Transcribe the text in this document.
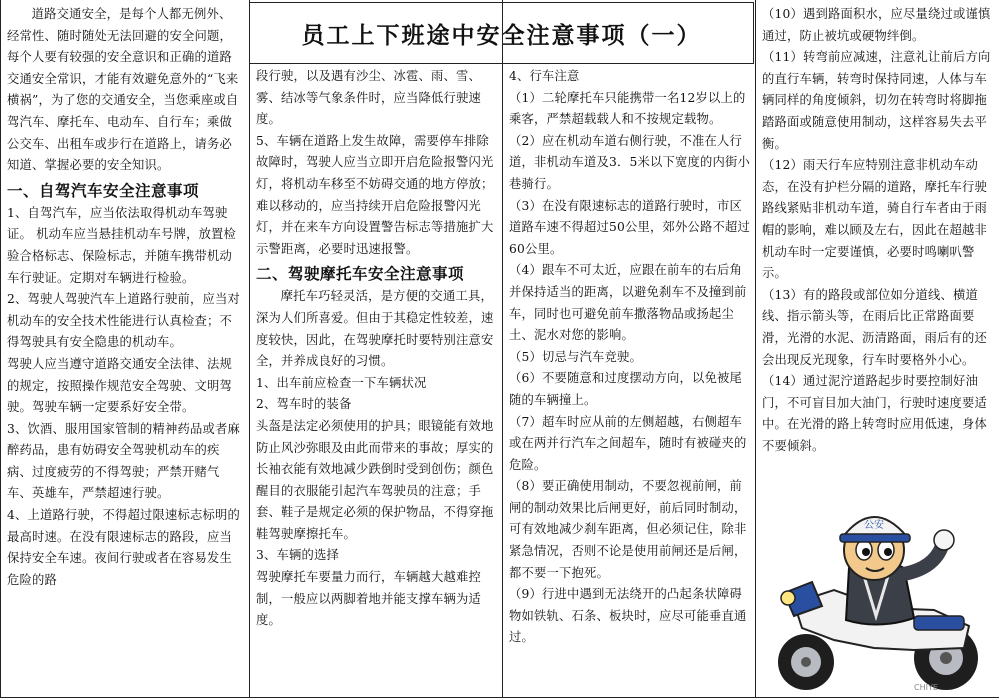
员工上下班途中安全注意事项（一）

道路交通安全，是每个人都无例外、经常性、随时随处无法回避的安全问题，每个人要有较强的安全意识和正确的道路交通安全常识，才能有效避免意外的“飞来横祸”，为了您的交通安全，当您乘座或自驾汽车、摩托车、电动车、自行车；乘做公交车、出租车或步行在道路上，请务必知道、掌握必要的安全知识。

一、自驾汽车安全注意事项

1、自驾汽车，应当依法取得机动车驾驶证。 机动车应当悬挂机动车号牌，放置检验合格标志、保险标志，并随车携带机动车行驶证。定期对车辆进行检验。

2、驾驶人驾驶汽车上道路行驶前，应当对机动车的安全技术性能进行认真检查；不得驾驶具有安全隐患的机动车。

驾驶人应当遵守道路交通安全法律、法规的规定，按照操作规范安全驾驶、文明驾驶。驾驶车辆一定要系好安全带。

3、饮酒、服用国家管制的精神药品或者麻醉药品，患有妨碍安全驾驶机动车的疾病、过度疲劳的不得驾驶；严禁开赌气车、英雄车，严禁超速行驶。

4、上道路行驶，不得超过限速标志标明的最高时速。在没有限速标志的路段，应当保持安全车速。夜间行驶或者在容易发生危险的路

段行驶，以及遇有沙尘、冰雹、雨、雪、雾、结冰等气象条件时，应当降低行驶速度。

5、车辆在道路上发生故障，需要停车排除故障时，驾驶人应当立即开启危险报警闪光灯，将机动车移至不妨碍交通的地方停放；难以移动的，应当持续开启危险报警闪光灯，并在来车方向设置警告标志等措施扩大示警距离，必要时迅速报警。

二、驾驶摩托车安全注意事项

摩托车巧轻灵活，是方便的交通工具，深为人们所喜爱。但由于其稳定性较差，速度较快，因此，在驾驶摩托时要特别注意安全，并养成良好的习惯。

1、出车前应检查一下车辆状况

2、驾车时的装备

头盔是法定必须使用的护具；眼镜能有效地防止风沙弥眼及由此而带来的事故；厚实的长袖衣能有效地减少跌倒时受到创伤；颜色醒目的衣服能引起汽车驾驶员的注意；手套、鞋子是规定必须的保护物品，不得穿拖鞋驾驶摩擦托车。

3、车辆的选择

驾驶摩托车要量力而行，车辆越大越难控制，一般应以两脚着地并能支撑车辆为适度。

4、行车注意

（1）二轮摩托车只能携带一名12岁以上的乘客，严禁超载载人和不按规定载物。

（2）应在机动车道右侧行驶，不准在人行道，非机动车道及3．5米以下宽度的内街小巷骑行。

（3）在没有限速标志的道路行驶时，市区道路车速不得超过50公里，郊外公路不超过60公里。

（4）跟车不可太近，应跟在前车的右后角并保持适当的距离，以避免刹车不及撞到前车，同时也可避免前车撒落物品或扬起尘土、泥水对您的影响。

（5）切忌与汽车竞驶。

（6）不要随意和过度摆动方向，以免被尾随的车辆撞上。

（7）超车时应从前的左侧超越，右侧超车或在两并行汽车之间超车，随时有被碰夹的危险。

（8）要正确使用制动，不要忽视前闸，前闸的制动效果比后闸更好，前后同时制动，可有效地减少刹车距离，但必须记住，除非紧急情况，否则不论是使用前闸还是后闸，都不要一下抱死。

（9）行进中遇到无法绕开的凸起条状障碍物如铁轨、石条、板块时，应尽可能垂直通过。

（10）遇到路面积水，应尽量绕过或谨慎通过，防止被坑或硬物绊倒。

（11）转弯前应减速，注意礼让前后方向的直行车辆，转弯时保持同速，人体与车辆同样的角度倾斜，切勿在转弯时将脚拖踏路面或随意使用制动，这样容易失去平衡。

（12）雨天行车应特别注意非机动车动态，在没有护栏分隔的道路，摩托车行驶路线紧贴非机动车道，骑自行车者由于雨帽的影响，难以顾及左右，因此在超越非机动车时一定要谨慎，必要时鸣喇叭警示。

（13）有的路段或部位如分道线、横道线、指示箭头等，在雨后比正常路面要滑，光滑的水泥、沥清路面，雨后有的还会出现反光现象，行车时要格外小心。

（14）通过泥泞道路起步时要控制好油门，不可盲目加大油门，行驶时速度要适中。在光滑的路上转弯时应用低速，身体不要倾斜。

公安
CHIYE
